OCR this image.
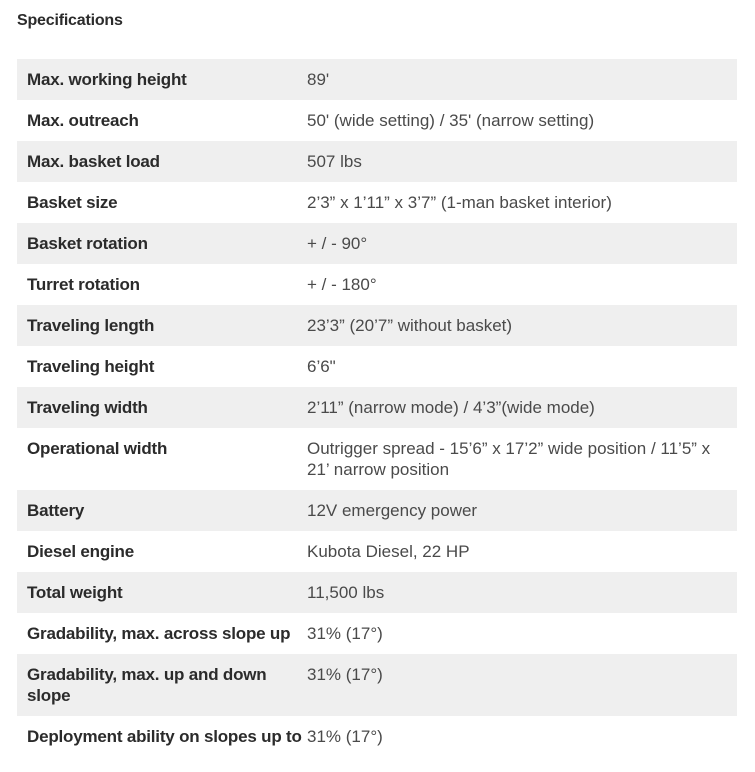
Specifications
Max. working height	89'
Max. outreach	50' (wide setting) / 35' (narrow setting)
Max. basket load	507 lbs
Basket size	2’3” x 1’11” x 3’7” (1-man basket interior)
Basket rotation	+ / - 90°
Turret rotation	+ / - 180°
Traveling length	23’3” (20’7” without basket)
Traveling height	6’6"
Traveling width	2’11” (narrow mode) / 4’3”(wide mode)
Operational width	Outrigger spread - 15’6” x 17’2” wide position / 11’5” x 21’ narrow position
Battery	12V emergency power
Diesel engine	Kubota Diesel, 22 HP
Total weight	11,500 lbs
Gradability, max. across slope up	31% (17°)
Gradability, max. up and down slope	31% (17°)
Deployment ability on slopes up to	31% (17°)
